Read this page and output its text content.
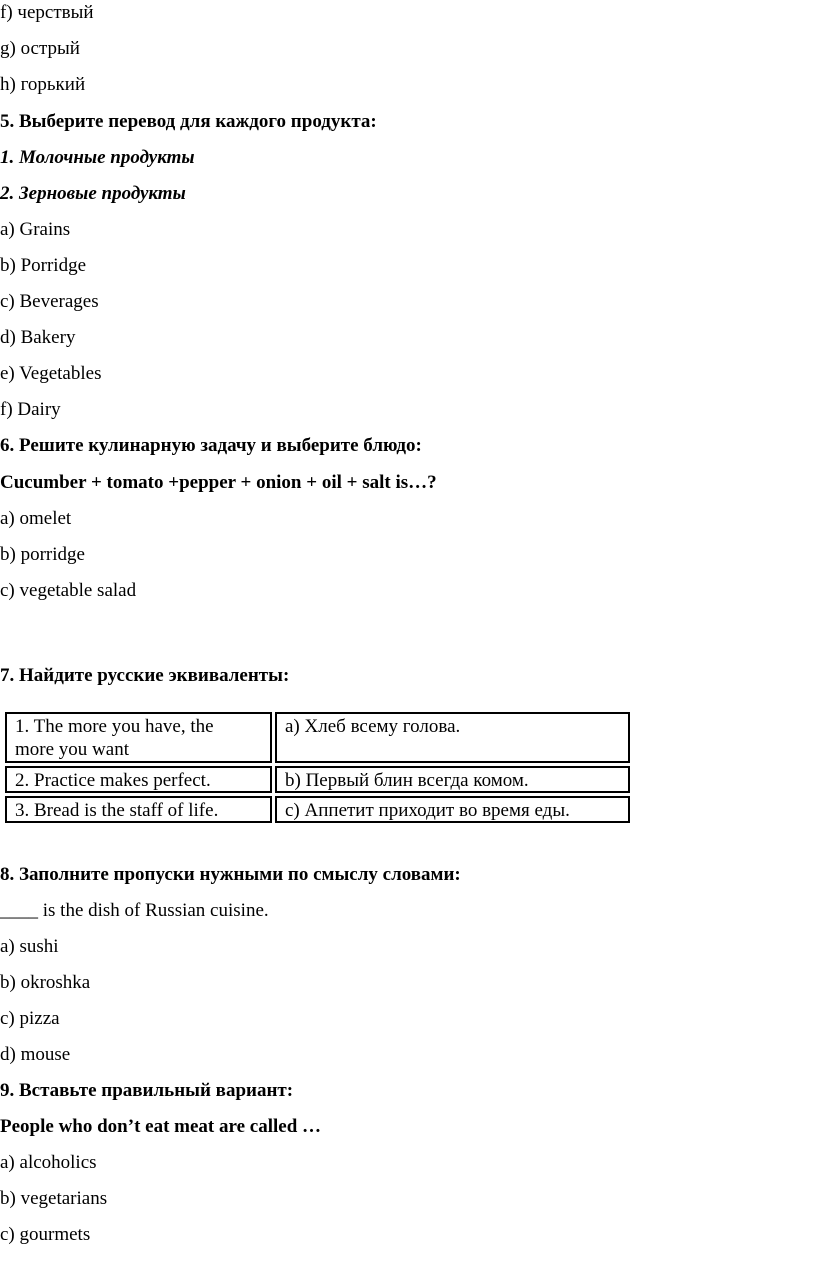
f) черствый
g) острый
h) горький
5. Выберите перевод для каждого продукта:
1. Молочные продукты
2. Зерновые продукты
a) Grains
b) Porridge
c) Beverages
d) Bakery
e) Vegetables
f) Dairy
6. Решите кулинарную задачу и выберите блюдо:
Cucumber + tomato +pepper + onion + oil + salt is…?
a) omelet
b) porridge
c) vegetable salad
7. Найдите русские эквиваленты:
1. The more you have, the
more you want
a) Хлеб всему голова.
2. Practice makes perfect.	b) Первый блин всегда комом.
3. Bread is the staff of life.	c) Аппетит приходит во время еды.
8. Заполните пропуски нужными по смыслу словами:
____ is the dish of Russian cuisine.
a) sushi
b) okroshka
c) pizza
d) mouse
9. Вставьте правильный вариант:
People who don’t eat meat are called …
a) alcoholics
b) vegetarians
c) gourmets
